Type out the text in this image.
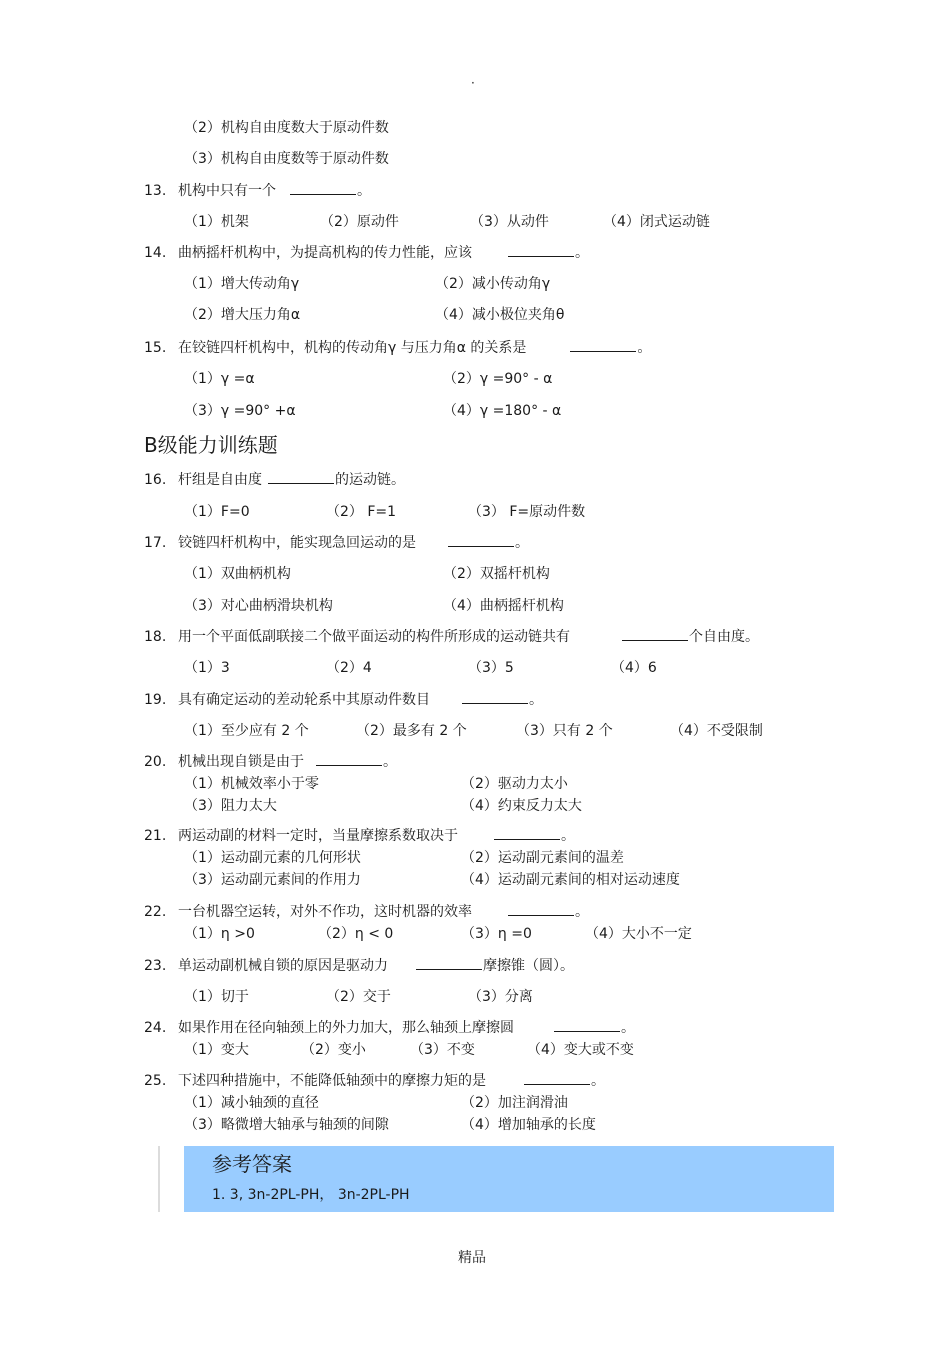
·
（2）机构自由度数大于原动件数
（3）机构自由度数等于原动件数
13. 机构中只有一个	。
（1）机架	（2）原动件	（3）从动件	（4）闭式运动链
14. 曲柄摇杆机构中，为提高机构的传力性能，应该	。
（1）增大传动角γ	（2）减小传动角γ
（2）增大压力角α	（4）减小极位夹角θ
15. 在铰链四杆机构中，机构的传动角γ 与压力角α 的关系是	。
（1）γ =α	（2）γ =90° - α
（3）γ =90° +α	（4）γ =180° - α
B级能力训练题
16. 杆组是自由度	的运动链。
（1）F=0	（2） F=1	（3） F=原动件数
17. 铰链四杆机构中，能实现急回运动的是	。
（1）双曲柄机构	（2）双摇杆机构
（3）对心曲柄滑块机构	（4）曲柄摇杆机构
18. 用一个平面低副联接二个做平面运动的构件所形成的运动链共有	个自由度。
（1）3	（2）4	（3）5	（4）6
19. 具有确定运动的差动轮系中其原动件数目	。
（1）至少应有 2 个	（2）最多有 2 个	（3）只有 2 个	（4）不受限制
20. 机械出现自锁是由于	。
（1）机械效率小于零	（2）驱动力太小
（3）阻力太大	（4）约束反力太大
21. 两运动副的材料一定时，当量摩擦系数取决于	。
（1）运动副元素的几何形状	（2）运动副元素间的温差
（3）运动副元素间的作用力	（4）运动副元素间的相对运动速度
22. 一台机器空运转，对外不作功，这时机器的效率	。
（1）η >0	（2）η < 0	（3）η =0	（4）大小不一定
23. 单运动副机械自锁的原因是驱动力	摩擦锥（圆）。
（1）切于	（2）交于	（3）分离
24. 如果作用在径向轴颈上的外力加大，那么轴颈上摩擦圆	。
（1）变大	（2）变小	（3）不变	（4）变大或不变
25. 下述四种措施中，不能降低轴颈中的摩擦力矩的是	。
（1）减小轴颈的直径	（2）加注润滑油
（3）略微增大轴承与轴颈的间隙	（4）增加轴承的长度
参考答案
1. 3, 3n-2PL-PH， 3n-2PL-PH
精品
